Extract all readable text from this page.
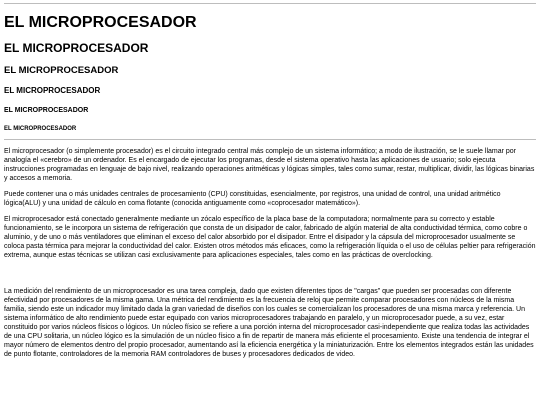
EL MICROPROCESADOR
EL MICROPROCESADOR
EL MICROPROCESADOR
EL MICROPROCESADOR
EL MICROPROCESADOR
EL MICROPROCESADOR

El microprocesador (o simplemente procesador) es el circuito integrado central más complejo de un sistema informático; a modo de ilustración, se le suele llamar por analogía el «cerebro» de un ordenador. Es el encargado de ejecutar los programas, desde el sistema operativo hasta las aplicaciones de usuario; solo ejecuta instrucciones programadas en lenguaje de bajo nivel, realizando operaciones aritméticas y lógicas simples, tales como sumar, restar, multiplicar, dividir, las lógicas binarias y accesos a memoria.

Puede contener una o más unidades centrales de procesamiento (CPU) constituidas, esencialmente, por registros, una unidad de control, una unidad aritmético lógica(ALU) y una unidad de cálculo en coma flotante (conocida antiguamente como «coprocesador matemático»).

El microprocesador está conectado generalmente mediante un zócalo específico de la placa base de la computadora; normalmente para su correcto y estable funcionamiento, se le incorpora un sistema de refrigeración que consta de un disipador de calor, fabricado de algún material de alta conductividad térmica, como cobre o aluminio, y de uno o más ventiladores que eliminan el exceso del calor absorbido por el disipador. Entre el disipador y la cápsula del microprocesador usualmente se coloca pasta térmica para mejorar la conductividad del calor. Existen otros métodos más eficaces, como la refrigeración líquida o el uso de células peltier para refrigeración extrema, aunque estas técnicas se utilizan casi exclusivamente para aplicaciones especiales, tales como en las prácticas de overclocking.

La medición del rendimiento de un microprocesador es una tarea compleja, dado que existen diferentes tipos de "cargas" que pueden ser procesadas con diferente efectividad por procesadores de la misma gama. Una métrica del rendimiento es la frecuencia de reloj que permite comparar procesadores con núcleos de la misma familia, siendo este un indicador muy limitado dada la gran variedad de diseños con los cuales se comercializan los procesadores de una misma marca y referencia. Un sistema informático de alto rendimiento puede estar equipado con varios microprocesadores trabajando en paralelo, y un microprocesador puede, a su vez, estar constituido por varios núcleos físicos o lógicos. Un núcleo físico se refiere a una porción interna del microprocesador casi-independiente que realiza todas las actividades de una CPU solitaria, un núcleo lógico es la simulación de un núcleo físico a fin de repartir de manera más eficiente el procesamiento. Existe una tendencia de integrar el mayor número de elementos dentro del propio procesador, aumentando así la eficiencia energética y la miniaturización. Entre los elementos integrados están las unidades de punto flotante, controladores de la memoria RAM controladores de buses y procesadores dedicados de video.
